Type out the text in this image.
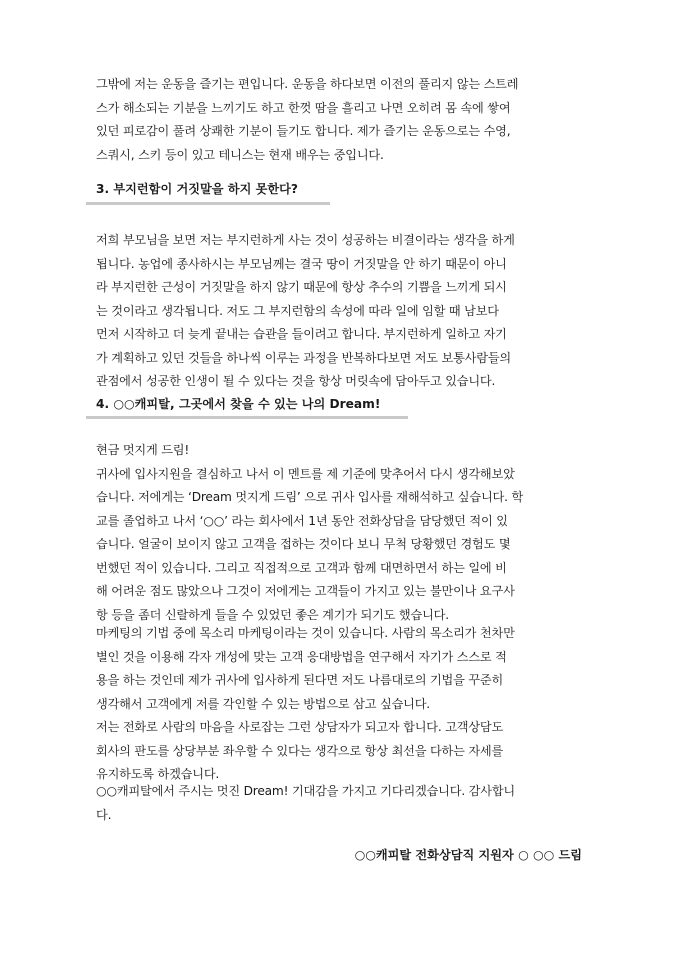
그밖에 저는 운동을 즐기는 편입니다. 운동을 하다보면 이전의 풀리지 않는 스트레
스가 해소되는 기분을 느끼기도 하고 한껏 땀을 흘리고 나면 오히려 몸 속에 쌓여
있던 피로감이 풀려 상쾌한 기분이 들기도 합니다. 제가 즐기는 운동으로는 수영,
스쿼시, 스키 등이 있고 테니스는 현재 배우는 중입니다.

3. 부지런함이 거짓말을 하지 못한다?

저희 부모님을 보면 저는 부지런하게 사는 것이 성공하는 비결이라는 생각을 하게
됩니다. 농업에 종사하시는 부모님께는 결국 땅이 거짓말을 안 하기 때문이 아니
라 부지런한 근성이 거짓말을 하지 않기 때문에 항상 추수의 기쁨을 느끼게 되시
는 것이라고 생각됩니다. 저도 그 부지런함의 속성에 따라 일에 임할 때 남보다
먼저 시작하고 더 늦게 끝내는 습관을 들이려고 합니다. 부지런하게 일하고 자기
가 계획하고 있던 것들을 하나씩 이루는 과정을 반복하다보면 저도 보통사람들의
관점에서 성공한 인생이 될 수 있다는 것을 항상 머릿속에 담아두고 있습니다.

4. ○○캐피탈, 그곳에서 찾을 수 있는 나의 Dream!

현금 멋지게 드림!
귀사에 입사지원을 결심하고 나서 이 멘트를 제 기준에 맞추어서 다시 생각해보았
습니다. 저에게는 ‘Dream 멋지게 드림’ 으로 귀사 입사를 재해석하고 싶습니다. 학
교를 졸업하고 나서 ‘○○’ 라는 회사에서 1년 동안 전화상담을 담당했던 적이 있
습니다. 얼굴이 보이지 않고 고객을 접하는 것이다 보니 무척 당황했던 경험도 몇
번했던 적이 있습니다. 그리고 직접적으로 고객과 함께 대면하면서 하는 일에 비
해 어려운 점도 많았으나 그것이 저에게는 고객들이 가지고 있는 불만이나 요구사
항 등을 좀더 신랄하게 들을 수 있었던 좋은 계기가 되기도 했습니다.
마케팅의 기법 중에 목소리 마케팅이라는 것이 있습니다. 사람의 목소리가 천차만
별인 것을 이용해 각자 개성에 맞는 고객 응대방법을 연구해서 자기가 스스로 적
용을 하는 것인데 제가 귀사에 입사하게 된다면 저도 나름대로의 기법을 꾸준히
생각해서 고객에게 저를 각인할 수 있는 방법으로 삼고 싶습니다.
저는 전화로 사람의 마음을 사로잡는 그런 상담자가 되고자 합니다. 고객상담도
회사의 판도를 상당부분 좌우할 수 있다는 생각으로 항상 최선을 다하는 자세를
유지하도록 하겠습니다.
○○캐피탈에서 주시는 멋진 Dream! 기대감을 가지고 기다리겠습니다. 감사합니
다.

○○캐피탈 전화상담직 지원자 ○ ○○ 드림
